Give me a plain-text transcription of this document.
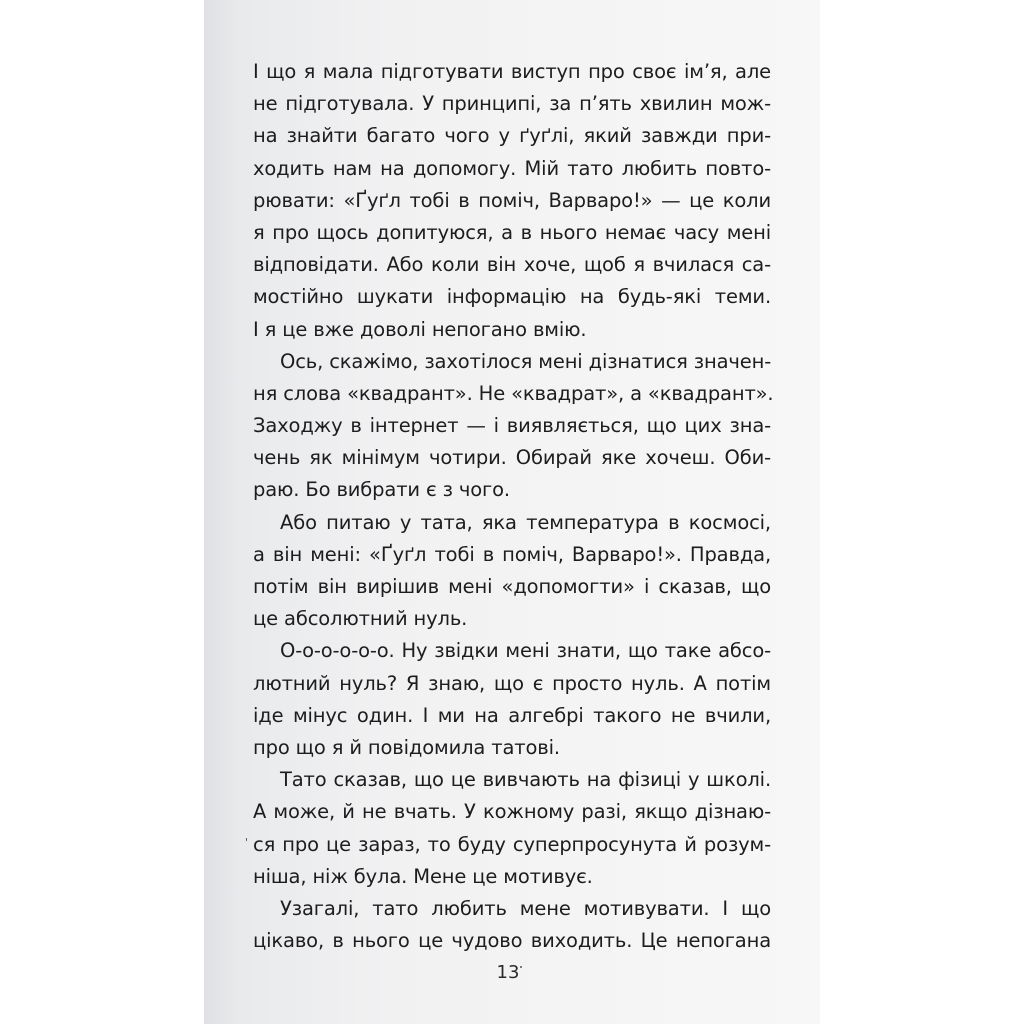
І що я мала підготувати виступ про своє ім’я, але
не підготувала. У принципі, за п’ять хвилин мож-
на знайти багато чого у ґуґлі, який завжди при-
ходить нам на допомогу. Мій тато любить повто-
рювати: «Ґуґл тобі в поміч, Варваро!» — це коли
я про щось допитуюся, а в нього немає часу мені
відповідати. Або коли він хоче, щоб я вчилася са-
мостійно шукати інформацію на будь-які теми.
І я це вже доволі непогано вмію.
Ось, скажімо, захотілося мені дізнатися значен-
ня слова «квадрант». Не «квадрат», а «квадрант».
Заходжу в інтернет — і виявляється, що цих зна-
чень як мінімум чотири. Обирай яке хочеш. Оби-
раю. Бо вибрати є з чого.
Або питаю у тата, яка температура в космосі,
а він мені: «Ґуґл тобі в поміч, Варваро!». Правда,
потім він вирішив мені «допомогти» і сказав, що
це абсолютний нуль.
О-о-о-о-о-о. Ну звідки мені знати, що таке абсо-
лютний нуль? Я знаю, що є просто нуль. А потім
іде мінус один. І ми на алгебрі такого не вчили,
про що я й повідомила татові.
Тато сказав, що це вивчають на фізиці у школі.
А може, й не вчать. У кожному разі, якщо дізнаю-
ся про це зараз, то буду суперпросунута й розум-
ніша, ніж була. Мене це мотивує.
Узагалі, тато любить мене мотивувати. І що
цікаво, в нього це чудово виходить. Це непогана
13
